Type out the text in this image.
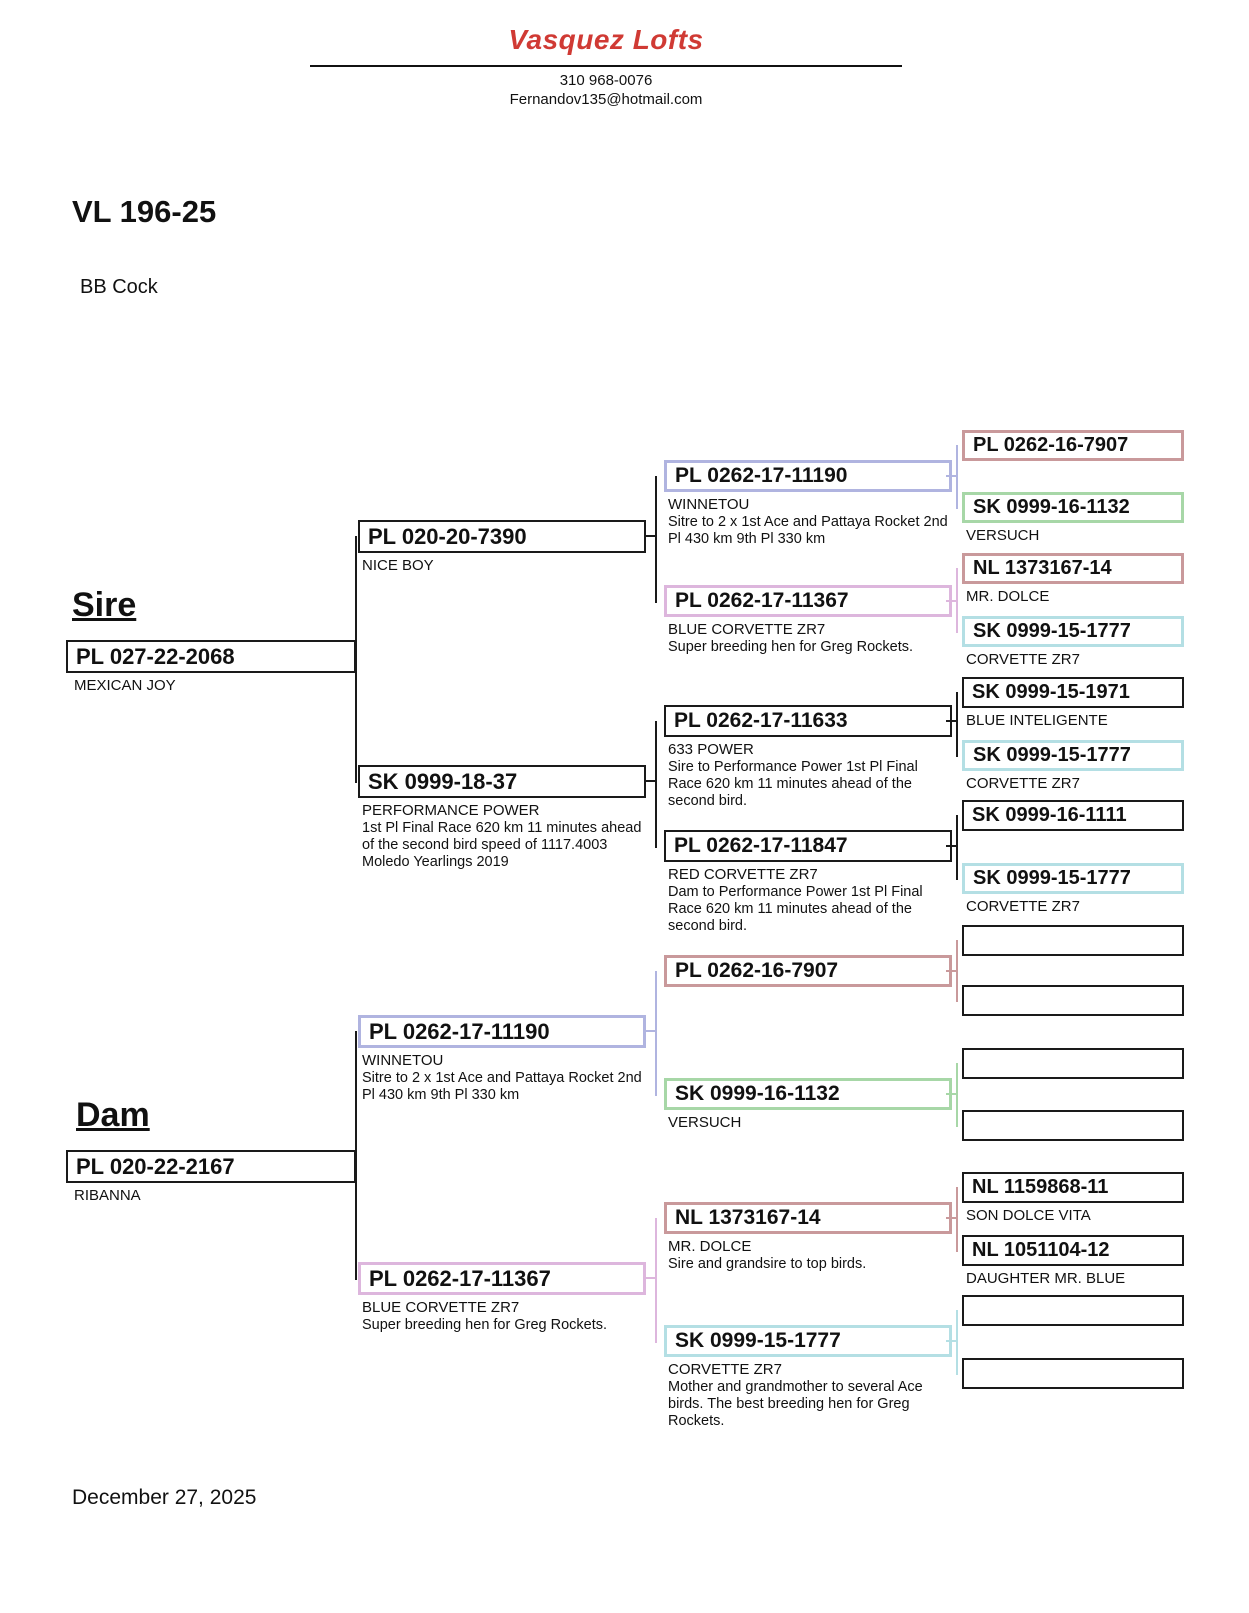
Vasquez Lofts
310 968-0076
Fernandov135@hotmail.com
VL 196-25
BB Cock
Sire
Dam
PL 027-22-2068
MEXICAN JOY
PL 020-22-2167
RIBANNA
PL 020-20-7390
NICE BOY
SK 0999-18-37
PERFORMANCE POWER
1st Pl Final Race 620 km 11 minutes ahead of the second bird speed of 1117.4003 Moledo Yearlings 2019
PL 0262-17-11190
WINNETOU
Sitre to 2 x 1st Ace and Pattaya Rocket 2nd Pl 430 km 9th Pl 330 km
PL 0262-17-11367
BLUE CORVETTE ZR7
Super breeding hen for Greg Rockets.
PL 0262-17-11190
WINNETOU
Sitre to 2 x 1st Ace and Pattaya Rocket 2nd Pl 430 km 9th Pl 330 km
PL 0262-17-11367
BLUE CORVETTE ZR7
Super breeding hen for Greg Rockets.
PL 0262-17-11633
633 POWER
Sire to Performance Power 1st Pl Final Race 620 km 11 minutes ahead of the second bird.
PL 0262-17-11847
RED CORVETTE ZR7
Dam to Performance Power 1st Pl Final Race 620 km 11 minutes ahead of the second bird.
PL 0262-16-7907
SK 0999-16-1132
VERSUCH
NL 1373167-14
MR. DOLCE
Sire and grandsire to top birds.
SK 0999-15-1777
CORVETTE ZR7
Mother and grandmother to several Ace birds. The best breeding hen for Greg Rockets.
PL 0262-16-7907
SK 0999-16-1132
VERSUCH
NL 1373167-14
MR. DOLCE
SK 0999-15-1777
CORVETTE ZR7
SK 0999-15-1971
BLUE INTELIGENTE
SK 0999-15-1777
CORVETTE ZR7
SK 0999-16-1111
SK 0999-15-1777
CORVETTE ZR7
NL 1159868-11
SON DOLCE VITA
NL 1051104-12
DAUGHTER MR. BLUE
December 27, 2025
